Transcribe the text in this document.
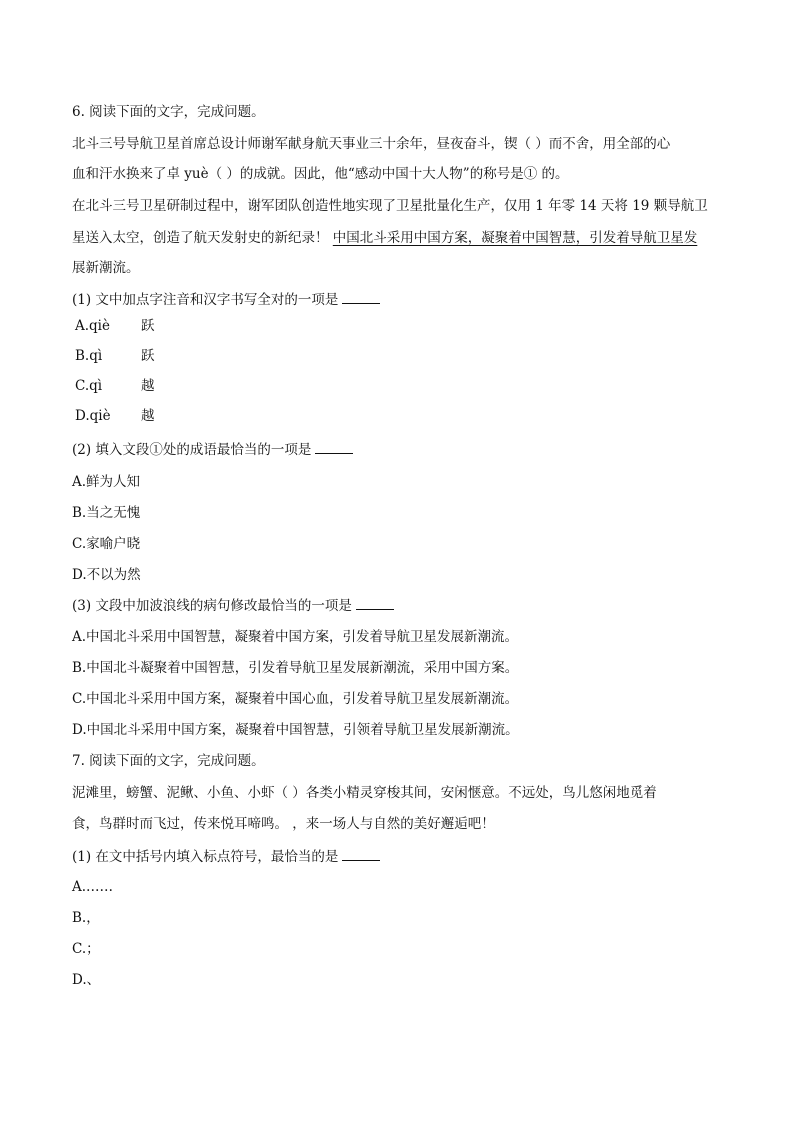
6. 阅读下面的文字，完成问题。
北斗三号导航卫星首席总设计师谢军献身航天事业三十余年，昼夜奋斗，锲（ ）而不舍，用全部的心
血和汗水换来了卓 yuè（ ）的成就。因此，他“感动中国十大人物”的称号是① 的。
在北斗三号卫星研制过程中，谢军团队创造性地实现了卫星批量化生产，仅用 1 年零 14 天将 19 颗导航卫
星送入太空，创造了航天发射史的新纪录！ 中国北斗采用中国方案，凝聚着中国智慧，引发着导航卫星发
展新潮流。
(1) 文中加点字注音和汉字书写全对的一项是
A.qiè 跃
B.qì	跃
C.qì	越
D.qiè 越
(2) 填入文段①处的成语最恰当的一项是
A.鲜为人知
B.当之无愧
C.家喻户晓
D.不以为然
(3) 文段中加波浪线的病句修改最恰当的一项是
A.中国北斗采用中国智慧，凝聚着中国方案，引发着导航卫星发展新潮流。
B.中国北斗凝聚着中国智慧，引发着导航卫星发展新潮流，采用中国方案。
C.中国北斗采用中国方案，凝聚着中国心血，引发着导航卫星发展新潮流。
D.中国北斗采用中国方案，凝聚着中国智慧，引领着导航卫星发展新潮流。
7. 阅读下面的文字，完成问题。
泥滩里，螃蟹、泥鳅、小鱼、小虾（ ）各类小精灵穿梭其间，安闲惬意。不远处，鸟儿悠闲地觅着
食，鸟群时而飞过，传来悦耳啼鸣。 ，来一场人与自然的美好邂逅吧！
(1) 在文中括号内填入标点符号，最恰当的是
A.……
B.，
C.；
D.、
